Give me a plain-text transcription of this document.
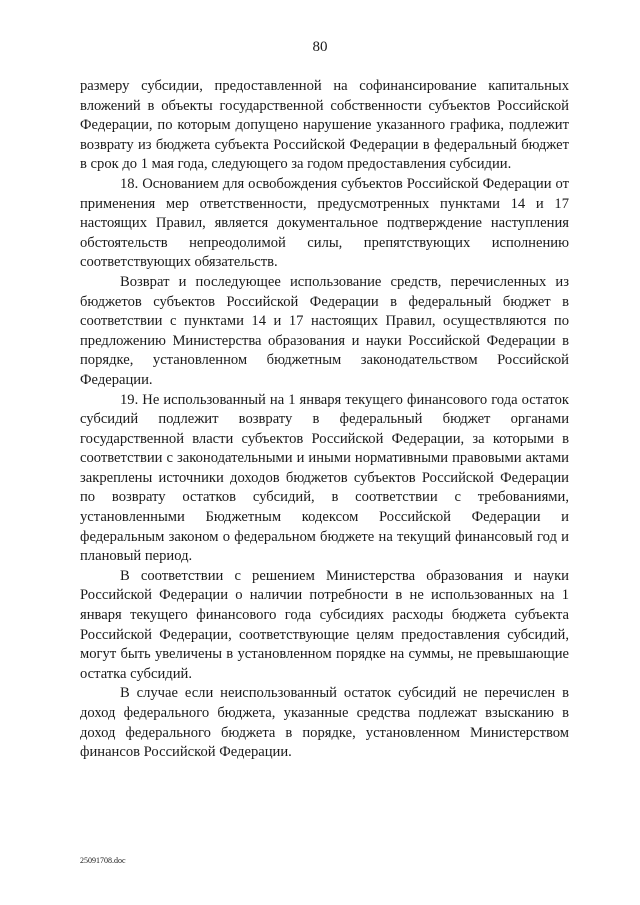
80

размеру субсидии, предоставленной на софинансирование капитальных вложений в объекты государственной собственности субъектов Российской Федерации, по которым допущено нарушение указанного графика, подлежит возврату из бюджета субъекта Российской Федерации в федеральный бюджет в срок до 1 мая года, следующего за годом предоставления субсидии.

18. Основанием для освобождения субъектов Российской Федерации от применения мер ответственности, предусмотренных пунктами 14 и 17 настоящих Правил, является документальное подтверждение наступления обстоятельств непреодолимой силы, препятствующих исполнению соответствующих обязательств.

Возврат и последующее использование средств, перечисленных из бюджетов субъектов Российской Федерации в федеральный бюджет в соответствии с пунктами 14 и 17 настоящих Правил, осуществляются по предложению Министерства образования и науки Российской Федерации в порядке, установленном бюджетным законодательством Российской Федерации.

19. Не использованный на 1 января текущего финансового года остаток субсидий подлежит возврату в федеральный бюджет органами государственной власти субъектов Российской Федерации, за которыми в соответствии с законодательными и иными нормативными правовыми актами закреплены источники доходов бюджетов субъектов Российской Федерации по возврату остатков субсидий, в соответствии с требованиями, установленными Бюджетным кодексом Российской Федерации и федеральным законом о федеральном бюджете на текущий финансовый год и плановый период.

В соответствии с решением Министерства образования и науки Российской Федерации о наличии потребности в не использованных на 1 января текущего финансового года субсидиях расходы бюджета субъекта Российской Федерации, соответствующие целям предоставления субсидий, могут быть увеличены в установленном порядке на суммы, не превышающие остатка субсидий.

В случае если неиспользованный остаток субсидий не перечислен в доход федерального бюджета, указанные средства подлежат взысканию в доход федерального бюджета в порядке, установленном Министерством финансов Российской Федерации.

25091708.doc
